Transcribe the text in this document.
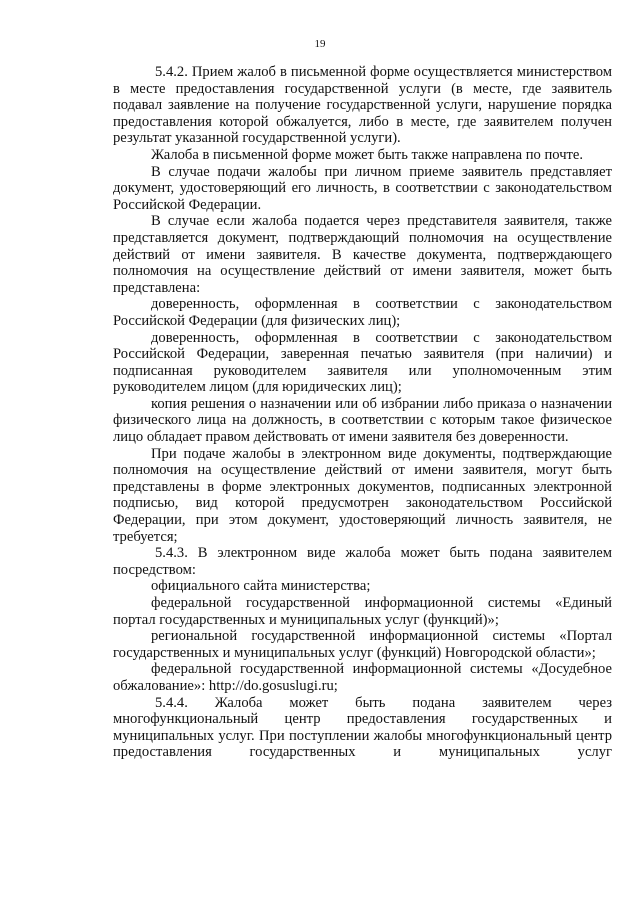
19

5.4.2. Прием жалоб в письменной форме осуществляется министерством в месте предоставления государственной услуги (в месте, где заявитель подавал заявление на получение государственной услуги, нарушение порядка предоставления которой обжалуется, либо в месте, где заявителем получен результат указанной государственной услуги).

Жалоба в письменной форме может быть также направлена по почте.

В случае подачи жалобы при личном приеме заявитель представляет документ, удостоверяющий его личность, в соответствии с законодательством Российской Федерации.

В случае если жалоба подается через представителя заявителя, также представляется документ, подтверждающий полномочия на осуществление действий от имени заявителя. В качестве документа, подтверждающего полномочия на осуществление действий от имени заявителя, может быть представлена:

доверенность, оформленная в соответствии с законодательством Российской Федерации (для физических лиц);

доверенность, оформленная в соответствии с законодательством Российской Федерации, заверенная печатью заявителя (при наличии) и подписанная руководителем заявителя или уполномоченным этим руководителем лицом (для юридических лиц);

копия решения о назначении или об избрании либо приказа о назначении физического лица на должность, в соответствии с которым такое физическое лицо обладает правом действовать от имени заявителя без доверенности.

При подаче жалобы в электронном виде документы, подтверждающие полномочия на осуществление действий от имени заявителя, могут быть представлены в форме электронных документов, подписанных электронной подписью, вид которой предусмотрен законодательством Российской Федерации, при этом документ, удостоверяющий личность заявителя, не требуется;

5.4.3. В электронном виде жалоба может быть подана заявителем посредством:

официального сайта министерства;

федеральной государственной информационной системы «Единый портал государственных и муниципальных услуг (функций)»;

региональной государственной информационной системы «Портал государственных и муниципальных услуг (функций) Новгородской области»;

федеральной государственной информационной системы «Досудебное обжалование»: http://do.gosuslugi.ru;

5.4.4. Жалоба может быть подана заявителем через многофункциональный центр предоставления государственных и муниципальных услуг. При поступлении жалобы многофункциональный центр предоставления государственных и муниципальных услуг
